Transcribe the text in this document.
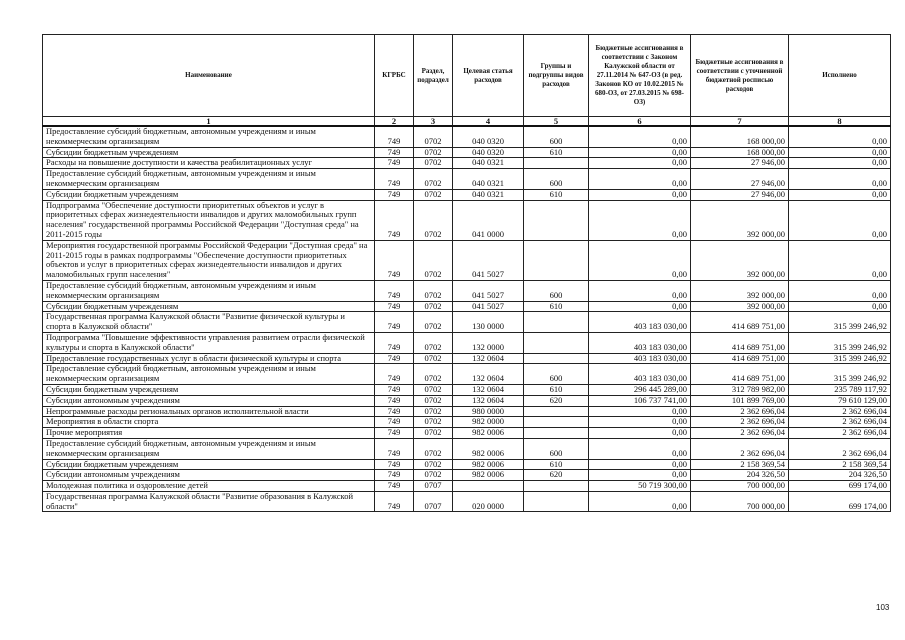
Наименование	КГРБС	Раздел, подраздел	Целевая статья расходов	Группы и подгруппы видов расходов	Бюджетные ассигнования в соответствии с Законом Калужской области от 27.11.2014 № 647-ОЗ (в ред. Законов КО от 10.02.2015 № 680-ОЗ, от 27.03.2015 № 698-ОЗ)	Бюджетные ассигнования в соответствии с уточненной бюджетной росписью расходов	Исполнено
1	2	3	4	5	6	7	8
Предоставление субсидий бюджетным, автономным учреждениям и иным некоммерческим организациям	749	0702	040 0320	600	0,00	168 000,00	0,00
Субсидии бюджетным учреждениям	749	0702	040 0320	610	0,00	168 000,00	0,00
Расходы на повышение доступности и качества реабилитационных услуг	749	0702	040 0321		0,00	27 946,00	0,00
Предоставление субсидий бюджетным, автономным учреждениям и иным некоммерческим организациям	749	0702	040 0321	600	0,00	27 946,00	0,00
Субсидии бюджетным учреждениям	749	0702	040 0321	610	0,00	27 946,00	0,00
Подпрограмма "Обеспечение доступности приоритетных объектов и услуг в приоритетных сферах жизнедеятельности инвалидов и других маломобильных групп населения" государственной программы Российской Федерации "Доступная среда" на 2011-2015 годы	749	0702	041 0000		0,00	392 000,00	0,00
Мероприятия государственной программы Российской Федерации "Доступная среда" на 2011-2015 годы в рамках подпрограммы "Обеспечение доступности приоритетных объектов и услуг в приоритетных сферах жизнедеятельности инвалидов и других маломобильных групп населения"	749	0702	041 5027		0,00	392 000,00	0,00
Предоставление субсидий бюджетным, автономным учреждениям и иным некоммерческим организациям	749	0702	041 5027	600	0,00	392 000,00	0,00
Субсидии бюджетным учреждениям	749	0702	041 5027	610	0,00	392 000,00	0,00
Государственная программа Калужской области "Развитие физической культуры и спорта в Калужской области"	749	0702	130 0000		403 183 030,00	414 689 751,00	315 399 246,92
Подпрограмма "Повышение эффективности управления развитием отрасли физической культуры и спорта в Калужской области"	749	0702	132 0000		403 183 030,00	414 689 751,00	315 399 246,92
Предоставление государственных услуг в области физической культуры и спорта	749	0702	132 0604		403 183 030,00	414 689 751,00	315 399 246,92
Предоставление субсидий бюджетным, автономным учреждениям и иным некоммерческим организациям	749	0702	132 0604	600	403 183 030,00	414 689 751,00	315 399 246,92
Субсидии бюджетным учреждениям	749	0702	132 0604	610	296 445 289,00	312 789 982,00	235 789 117,92
Субсидии автономным учреждениям	749	0702	132 0604	620	106 737 741,00	101 899 769,00	79 610 129,00
Непрограммные расходы региональных органов исполнительной власти	749	0702	980 0000		0,00	2 362 696,04	2 362 696,04
Мероприятия в области спорта	749	0702	982 0000		0,00	2 362 696,04	2 362 696,04
Прочие мероприятия	749	0702	982 0006		0,00	2 362 696,04	2 362 696,04
Предоставление субсидий бюджетным, автономным учреждениям и иным некоммерческим организациям	749	0702	982 0006	600	0,00	2 362 696,04	2 362 696,04
Субсидии бюджетным учреждениям	749	0702	982 0006	610	0,00	2 158 369,54	2 158 369,54
Субсидии автономным учреждениям	749	0702	982 0006	620	0,00	204 326,50	204 326,50
Молодежная политика и оздоровление детей	749	0707			50 719 300,00	700 000,00	699 174,00
Государственная программа Калужской области "Развитие образования в Калужской области"	749	0707	020 0000		0,00	700 000,00	699 174,00
103
